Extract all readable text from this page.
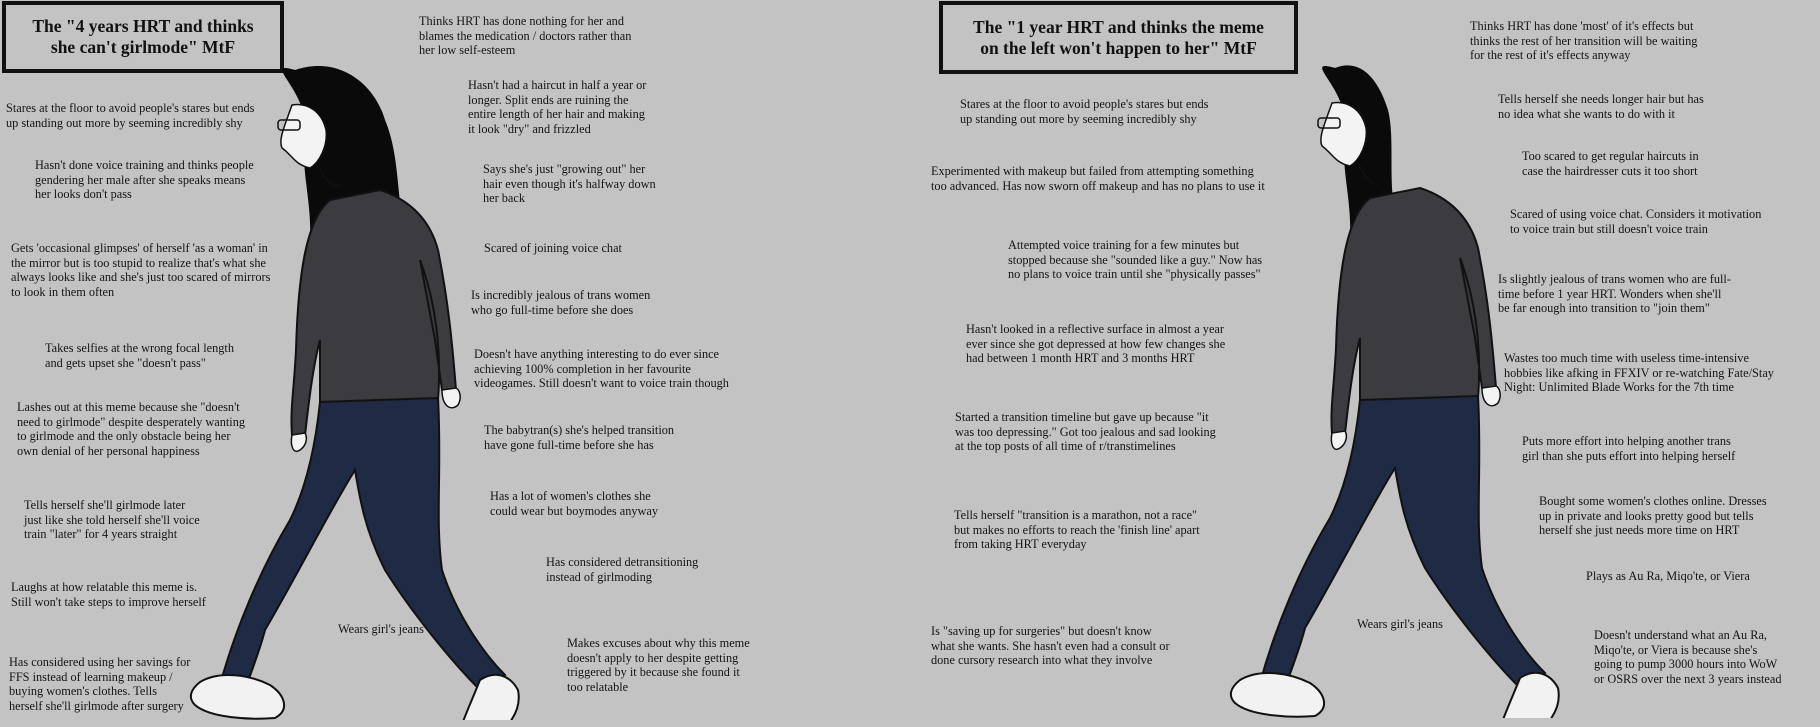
The "4 years HRT and thinks
she can't girlmode" MtF
Thinks HRT has done nothing for her and
blames the medication / doctors rather than
her low self-esteem
Stares at the floor to avoid people's stares but ends
up standing out more by seeming incredibly shy
Hasn't had a haircut in half a year or
longer. Split ends are ruining the
entire length of her hair and making
it look "dry" and frizzled
Hasn't done voice training and thinks people
gendering her male after she speaks means
her looks don't pass
Says she's just "growing out" her
hair even though it's halfway down
her back
Gets 'occasional glimpses' of herself 'as a woman' in
the mirror but is too stupid to realize that's what she
always looks like and she's just too scared of mirrors
to look in them often
Scared of joining voice chat
Is incredibly jealous of trans women
who go full-time before she does
Takes selfies at the wrong focal length
and gets upset she "doesn't pass"
Doesn't have anything interesting to do ever since
achieving 100% completion in her favourite
videogames. Still doesn't want to voice train though
Lashes out at this meme because she "doesn't
need to girlmode" despite desperately wanting
to girlmode and the only obstacle being her
own denial of her personal happiness
The babytran(s) she's helped transition
have gone full-time before she has
Tells herself she'll girlmode later
just like she told herself she'll voice
train "later" for 4 years straight
Has a lot of women's clothes she
could wear but boymodes anyway
Has considered detransitioning
instead of girlmoding
Laughs at how relatable this meme is.
Still won't take steps to improve herself
Wears girl's jeans
Has considered using her savings for
FFS instead of learning makeup /
buying women's clothes. Tells
herself she'll girlmode after surgery
Makes excuses about why this meme
doesn't apply to her despite getting
triggered by it because she found it
too relatable
The "1 year HRT and thinks the meme
on the left won't happen to her" MtF
Thinks HRT has done 'most' of it's effects but
thinks the rest of her transition will be waiting
for the rest of it's effects anyway
Stares at the floor to avoid people's stares but ends
up standing out more by seeming incredibly shy
Tells herself she needs longer hair but has
no idea what she wants to do with it
Experimented with makeup but failed from attempting something
too advanced. Has now sworn off makeup and has no plans to use it
Too scared to get regular haircuts in
case the hairdresser cuts it too short
Scared of using voice chat. Considers it motivation
to voice train but still doesn't voice train
Attempted voice training for a few minutes but
stopped because she "sounded like a guy." Now has
no plans to voice train until she "physically passes"	Is slightly jealous of trans women who are full-
time before 1 year HRT. Wonders when she'll
be far enough into transition to "join them"
Hasn't looked in a reflective surface in almost a year
ever since she got depressed at how few changes she
had between 1 month HRT and 3 months HRT	Wastes too much time with useless time-intensive
hobbies like afking in FFXIV or re-watching Fate/Stay
Night: Unlimited Blade Works for the 7th time
Started a transition timeline but gave up because "it
was too depressing." Got too jealous and sad looking
at the top posts of all time of r/transtimelines	Puts more effort into helping another trans
girl than she puts effort into helping herself
Tells herself "transition is a marathon, not a race"
but makes no efforts to reach the 'finish line' apart
from taking HRT everyday
Bought some women's clothes online. Dresses
up in private and looks pretty good but tells
herself she just needs more time on HRT
Plays as Au Ra, Miqo'te, or Viera
Wears girl's jeans
Is "saving up for surgeries" but doesn't know
what she wants. She hasn't even had a consult or
done cursory research into what they involve
Doesn't understand what an Au Ra,
Miqo'te, or Viera is because she's
going to pump 3000 hours into WoW
or OSRS over the next 3 years instead
